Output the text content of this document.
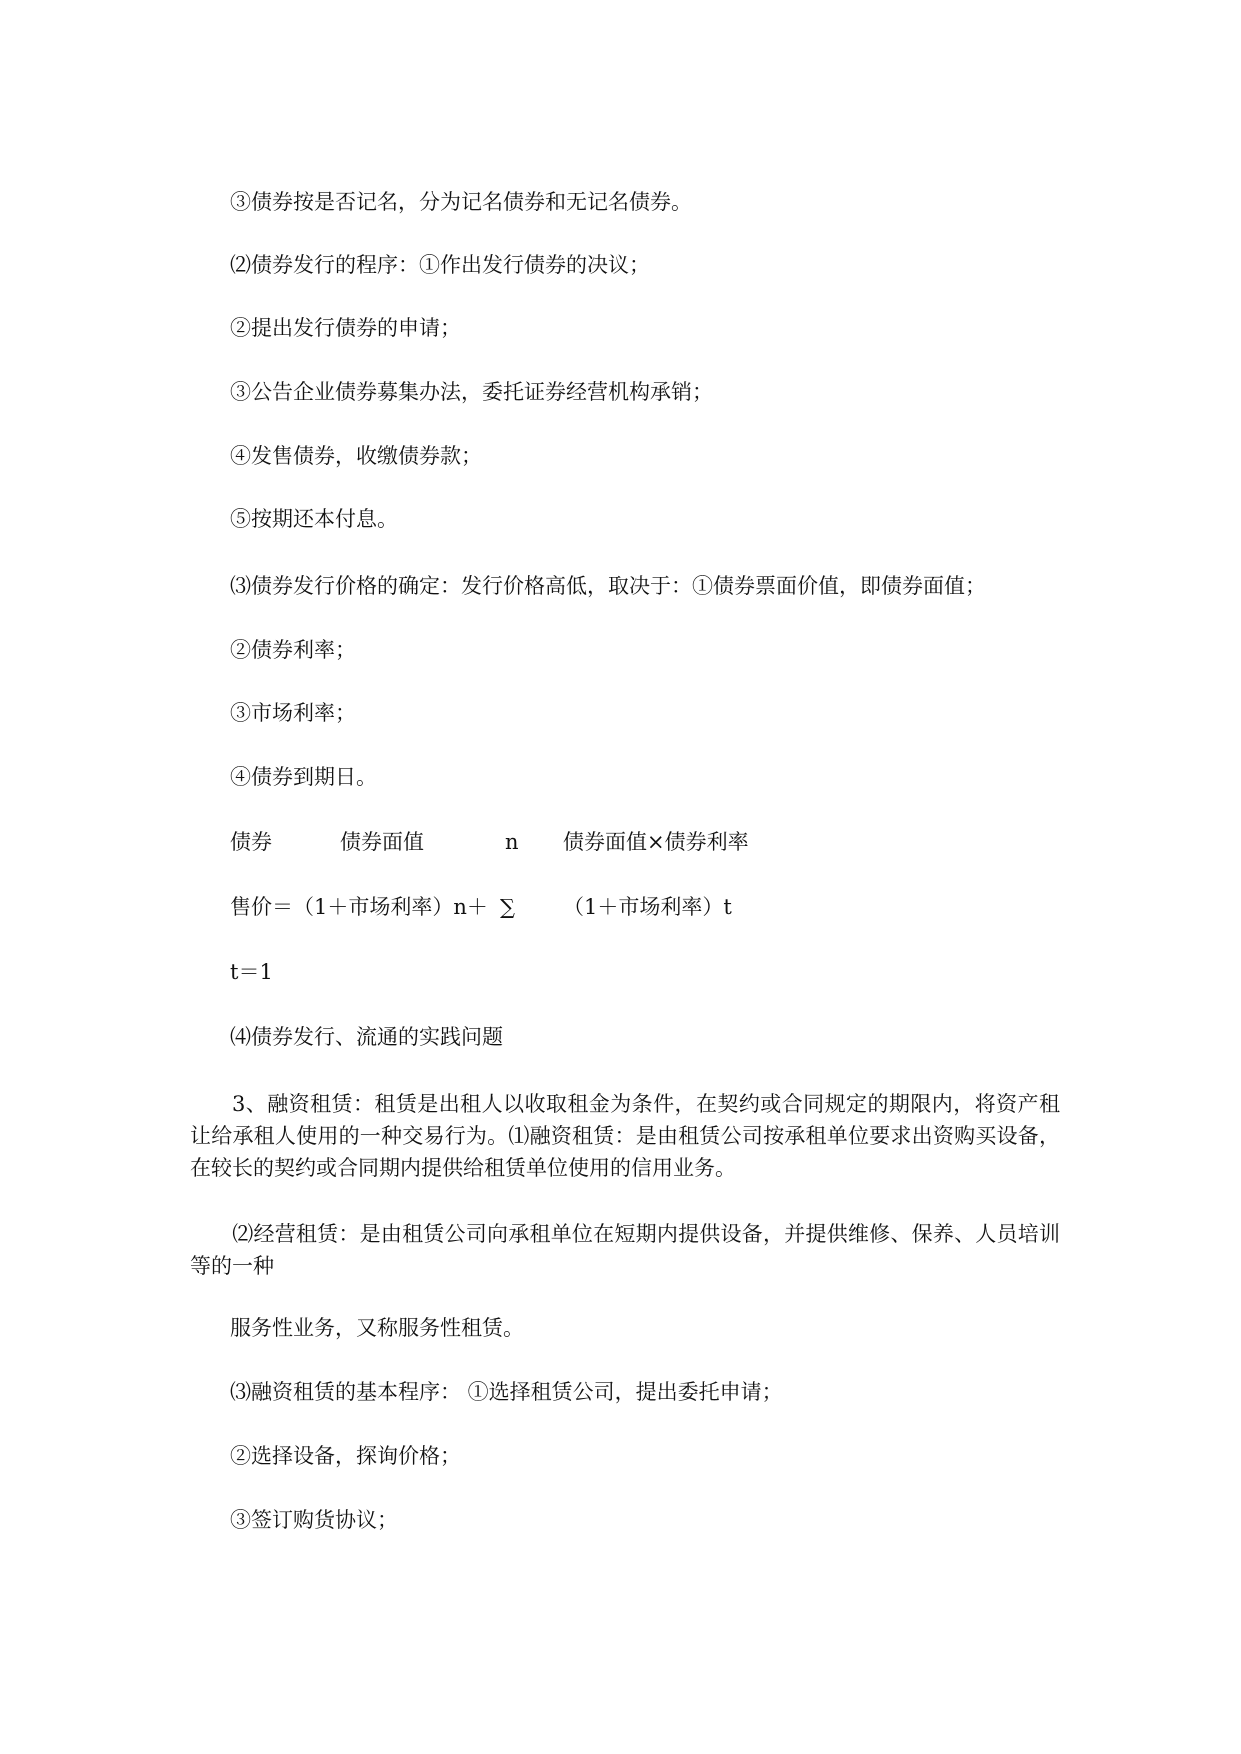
③债券按是否记名，分为记名债券和无记名债券。
⑵债券发行的程序：①作出发行债券的决议；
②提出发行债券的申请；
③公告企业债券募集办法，委托证券经营机构承销；
④发售债券，收缴债券款；
⑤按期还本付息。
⑶债券发行价格的确定：发行价格高低，取决于：①债券票面价值，即债券面值；
②债券利率；
③市场利率；
④债券到期日。
债券	债券面值	n 债券面值×债券利率
售价＝（1＋市场利率）n＋ ∑ （1＋市场利率）t
t＝1
⑷债券发行、流通的实践问题
3、融资租赁：租赁是出租人以收取租金为条件，在契约或合同规定的期限内，将资产租让给承租人使用的一种交易行为。⑴融资租赁：是由租赁公司按承租单位要求出资购买设备，在较长的契约或合同期内提供给租赁单位使用的信用业务。
⑵经营租赁：是由租赁公司向承租单位在短期内提供设备，并提供维修、保养、人员培训等的一种
服务性业务，又称服务性租赁。
⑶融资租赁的基本程序： ①选择租赁公司，提出委托申请；
②选择设备，探询价格；
③签订购货协议；
